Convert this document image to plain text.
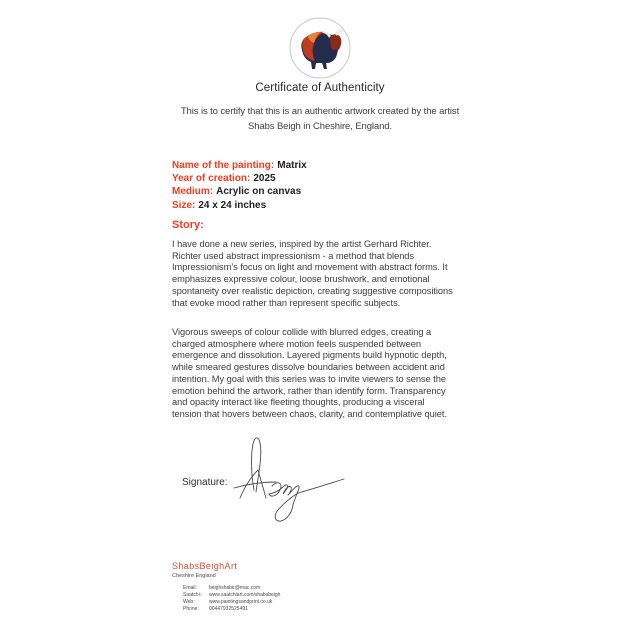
Certificate of Authenticity
This is to certify that this is an authentic artwork created by the artist
Shabs Beigh in Cheshire, England.
Name of the painting: Matrix
Year of creation: 2025
Medium: Acrylic on canvas
Size: 24 x 24 inches
Story:
I have done a new series, inspired by the artist Gerhard Richter.
Richter used abstract impressionism - a method that blends
Impressionism’s focus on light and movement with abstract forms. It
emphasizes expressive colour, loose brushwork, and emotional
spontaneity over realistic depiction, creating suggestive compositions
that evoke mood rather than represent specific subjects.
Vigorous sweeps of colour collide with blurred edges, creating a
charged atmosphere where motion feels suspended between
emergence and dissolution. Layered pigments build hypnotic depth,
while smeared gestures dissolve boundaries between accident and
intention. My goal with this series was to invite viewers to sense the
emotion behind the artwork, rather than identify form. Transparency
and opacity interact like fleeting thoughts, producing a visceral
tension that hovers between chaos, clarity, and contemplative quiet.
Signature:
ShabsBeighArt
Cheshire England
Email:	beighshabir@mac.com
Saatchi:	www.saatchiart.com/shabsbeigh
Web:	www.paintingsandprint.co.uk
Phone:	00447932525491
